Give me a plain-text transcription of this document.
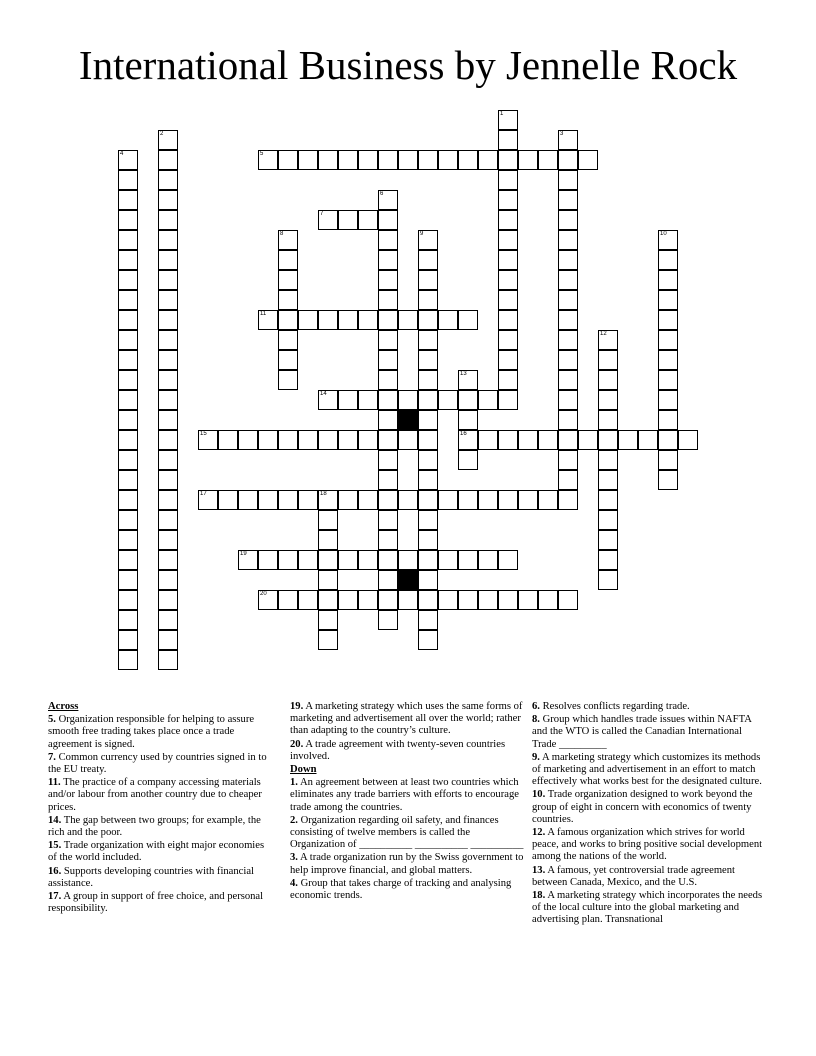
International Business by Jennelle Rock
5
7
11
14
15	16
17	18
19
20
1
2	3
4
6
8	9	10
12
13
Across

5. Organization responsible for helping to assure smooth free trading takes place once a trade agreement is signed.

7. Common currency used by countries signed in to the EU treaty.

11. The practice of a company accessing materials and/or labour from another country due to cheaper prices.

14. The gap between two groups; for example, the rich and the poor.

15. Trade organization with eight major economies of the world included.

16. Supports developing countries with financial assistance.

17. A group in support of free choice, and personal responsibility.

19. A marketing strategy which uses the same forms of marketing and advertisement all over the world; rather than adapting to the country’s culture.

20. A trade agreement with twenty-seven countries involved.

Down

1. An agreement between at least two countries which eliminates any trade barriers with efforts to encourage trade among the countries.

2. Organization regarding oil safety, and finances consisting of twelve members is called the Organization of __________ __________ __________

3. A trade organization run by the Swiss government to help improve financial, and global matters.

4. Group that takes charge of tracking and analysing economic trends.

6. Resolves conflicts regarding trade.

8. Group which handles trade issues within NAFTA and the WTO is called the Canadian International Trade _________

9. A marketing strategy which customizes its methods of marketing and advertisement in an effort to match effectively what works best for the designated culture.

10. Trade organization designed to work beyond the group of eight in concern with economics of twenty countries.

12. A famous organization which strives for world peace, and works to bring positive social development among the nations of the world.

13. A famous, yet controversial trade agreement between Canada, Mexico, and the U.S.

18. A marketing strategy which incorporates the needs of the local culture into the global marketing and advertising plan. Transnational
